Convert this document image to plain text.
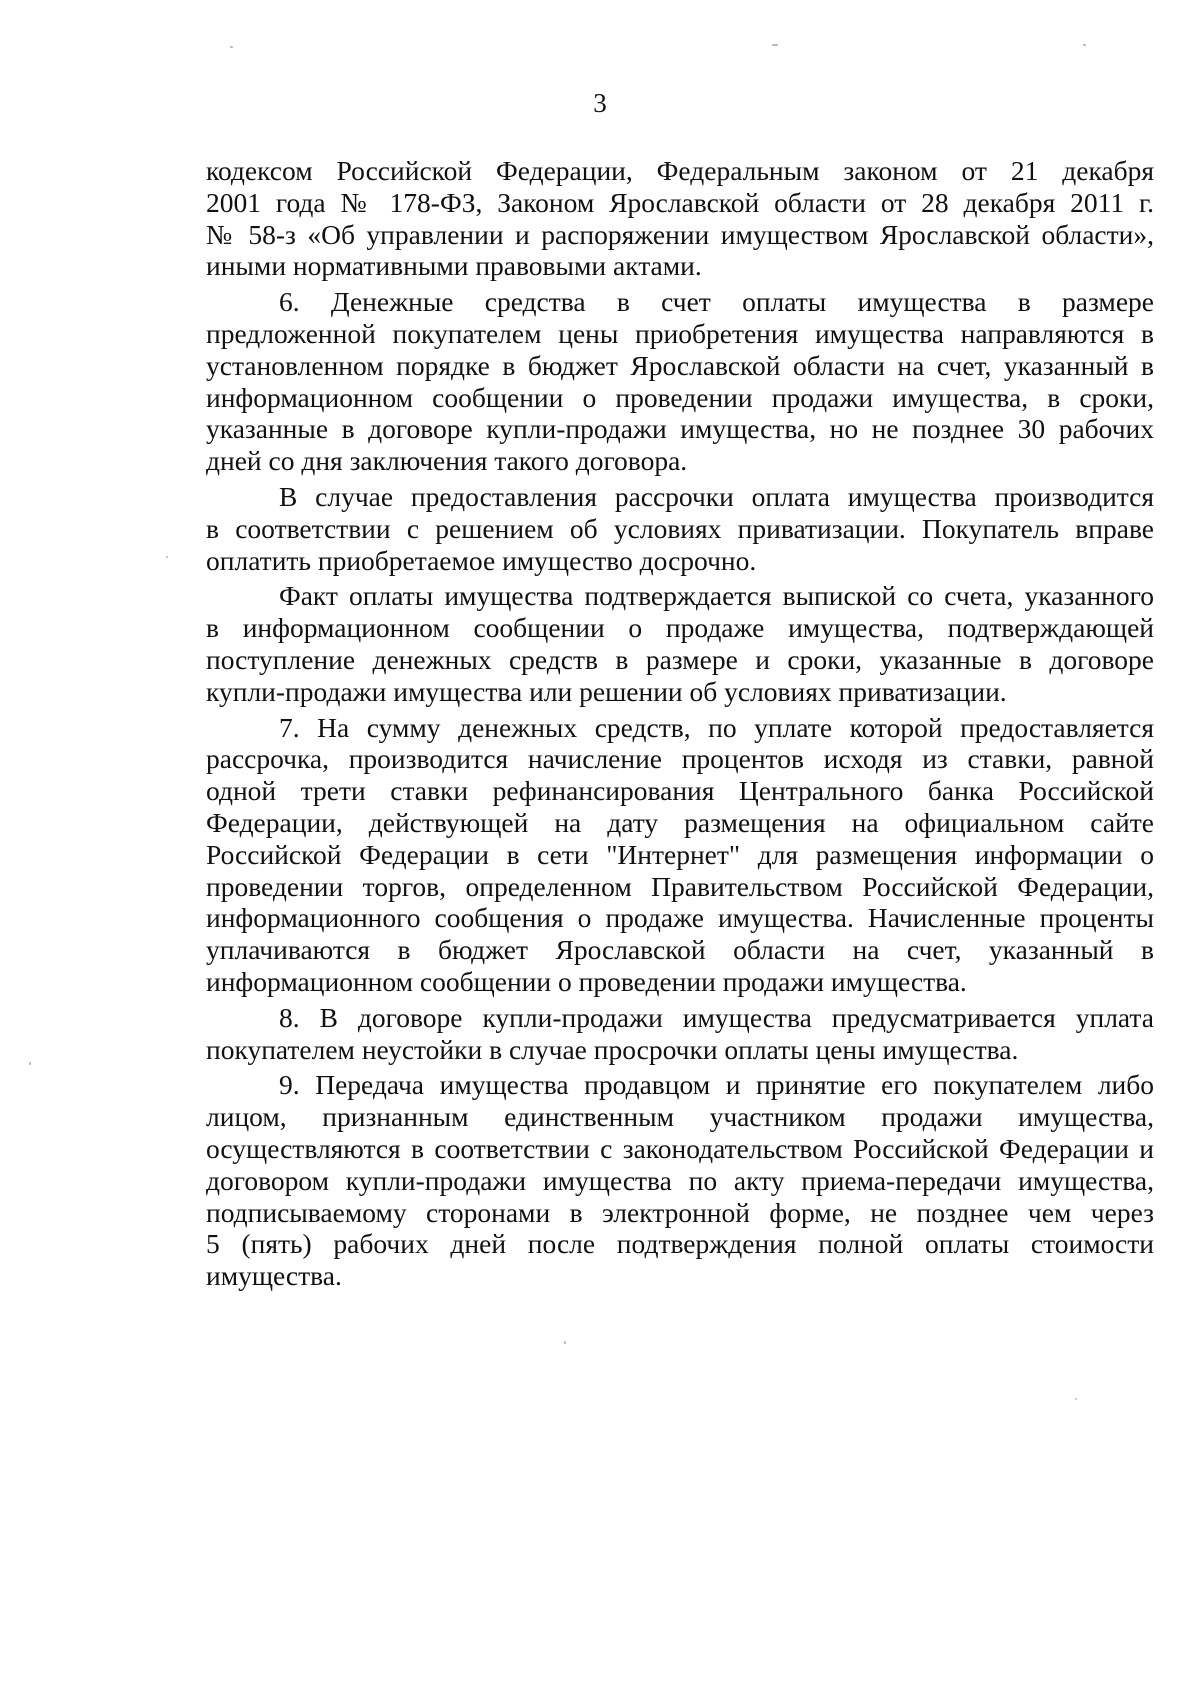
3
кодексом Российской Федерации, Федеральным законом от 21 декабря
2001 года № 178-ФЗ, Законом Ярославской области от 28 декабря 2011 г.
№ 58-з «Об управлении и распоряжении имуществом Ярославской области»,
иными нормативными правовыми актами.
6. Денежные средства в счет оплаты имущества в размере
предложенной покупателем цены приобретения имущества направляются в
установленном порядке в бюджет Ярославской области на счет, указанный в
информационном сообщении о проведении продажи имущества, в сроки,
указанные в договоре купли-продажи имущества, но не позднее 30 рабочих
дней со дня заключения такого договора.
В случае предоставления рассрочки оплата имущества производится
в соответствии с решением об условиях приватизации. Покупатель вправе
оплатить приобретаемое имущество досрочно.
Факт оплаты имущества подтверждается выпиской со счета, указанного
в информационном сообщении о продаже имущества, подтверждающей
поступление денежных средств в размере и сроки, указанные в договоре
купли-продажи имущества или решении об условиях приватизации.
7. На сумму денежных средств, по уплате которой предоставляется
рассрочка, производится начисление процентов исходя из ставки, равной
одной трети ставки рефинансирования Центрального банка Российской
Федерации, действующей на дату размещения на официальном сайте
Российской Федерации в сети "Интернет" для размещения информации о
проведении торгов, определенном Правительством Российской Федерации,
информационного сообщения о продаже имущества. Начисленные проценты
уплачиваются в бюджет Ярославской области на счет, указанный в
информационном сообщении о проведении продажи имущества.
8. В договоре купли-продажи имущества предусматривается уплата
покупателем неустойки в случае просрочки оплаты цены имущества.
9. Передача имущества продавцом и принятие его покупателем либо
лицом, признанным единственным участником продажи имущества,
осуществляются в соответствии с законодательством Российской Федерации и
договором купли-продажи имущества по акту приема-передачи имущества,
подписываемому сторонами в электронной форме, не позднее чем через
5 (пять) рабочих дней после подтверждения полной оплаты стоимости
имущества.
